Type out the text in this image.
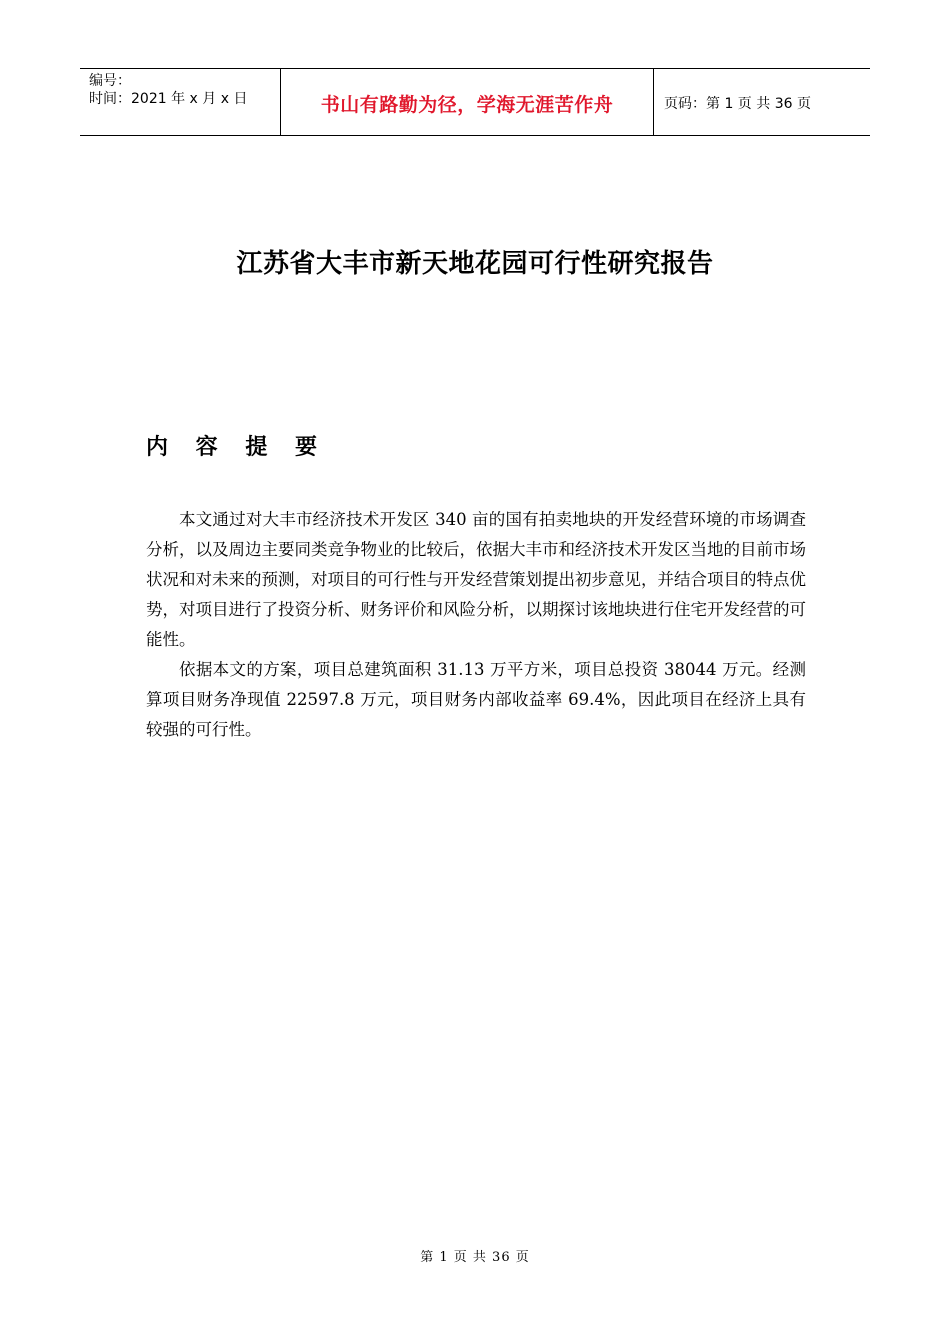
编号：
时间：2021 年 x 月 x 日	书山有路勤为径，学海无涯苦作舟	页码：第 1 页 共 36 页
江苏省大丰市新天地花园可行性研究报告
内 容 提 要

本文通过对大丰市经济技术开发区 340 亩的国有拍卖地块的开发经营环境的市场调查分析，以及周边主要同类竞争物业的比较后，依据大丰市和经济技术开发区当地的目前市场状况和对未来的预测，对项目的可行性与开发经营策划提出初步意见，并结合项目的特点优势，对项目进行了投资分析、财务评价和风险分析，以期探讨该地块进行住宅开发经营的可能性。

依据本文的方案，项目总建筑面积 31.13 万平方米，项目总投资 38044 万元。经测算项目财务净现值 22597.8 万元，项目财务内部收益率 69.4%，因此项目在经济上具有较强的可行性。

第 1 页 共 36 页
